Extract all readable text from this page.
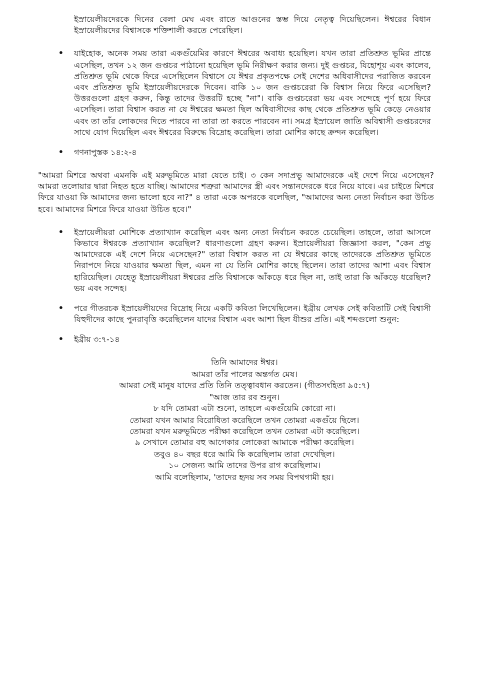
ইস্রায়েলীয়দেরকে দিনের বেলা মেঘ এবং রাতে আগুনের স্তম্ভ দিয়ে নেতৃত্ব দিয়েছিলেন। ঈশ্বরের বিধান ইস্রায়েলীয়দের বিশ্বাসকে শক্তিশালী করতে পেরেছিল।

• যাইহোক, অনেক সময় তারা একগুঁয়েমির কারণে ঈশ্বরের অবাধ্য হয়েছিল। যখন তারা প্রতিশ্রুত ভূমির প্রান্তে এসেছিল, তখন ১২ জন গুপ্তচর পাঠানো হয়েছিল ভূমি নিরীক্ষণ করার জন্য। দুই গুপ্তচর, যিহোশূয় এবং কালেব, প্রতিশ্রুত ভূমি থেকে ফিরে এসেছিলেন বিশ্বাসে যে ঈশ্বর প্রকৃতপক্ষে সেই দেশের অধিবাসীদের পরাজিত করবেন এবং প্রতিশ্রুত ভূমি ইস্রায়েলীয়দেরকে দিবেন। বাকি ১০ জন গুপ্তচরেরা কি বিশ্বাস নিয়ে ফিরে এসেছিল? উত্তরগুলো গ্রহণ করুন, কিন্তু তাদের উত্তরটি হচ্ছে "না"। বাকি গুপ্তচরেরা ভয় এবং সন্দেহে পূর্ণ হয়ে ফিরে এসেছিল। তারা বিশ্বাস করত না যে ঈশ্বরের ক্ষমতা ছিল অধিবাসীদের কাছ থেকে প্রতিশ্রুত ভূমি কেড়ে নেওয়ার এবং তা তাঁর লোকদের দিতে পারবে না তারা তা করতে পারবেন না। সমগ্র ইস্রায়েল জাতি অবিশ্বাসী গুপ্তচরদের সাথে যোগ দিয়েছিল এবং ঈশ্বরের বিরুদ্ধে বিদ্রোহ করেছিল। তারা মোশির কাছে ক্রন্দন করেছিল।

• গণনাপুস্তক ১৪:২-৪

"আমরা মিশরে অথবা এমনকি এই মরুভূমিতে মারা যেতে চাই। ৩ কেন সদাপ্রভু আমাদেরকে এই দেশে নিয়ে এসেছেন? আমরা তলোয়ার দ্বারা নিহত হতে যাচ্ছি। আমাদের শত্রুরা আমাদের স্ত্রী এবং সন্তানদেরকে ধরে নিয়ে যাবে। এর চাইতে মিশরে ফিরে যাওয়া কি আমাদের জন্য ভালো হবে না?" ৪ তারা একে অপরকে বলেছিল, "আমাদের অন্য নেতা নির্বাচন করা উচিত হবে। আমাদের মিশরে ফিরে যাওয়া উচিত হবে।"

• ইস্রায়েলীয়রা মোশিকে প্রত্যাখ্যান করেছিল এবং অন্য নেতা নির্বাচন করতে চেয়েছিল। তাহলে, তারা আসলে কিভাবে ঈশ্বরকে প্রত্যাখ্যান করেছিল? ধারণাগুলো গ্রহণ করুন। ইস্রায়েলীয়রা জিজ্ঞাসা করল, "কেন প্রভু আমাদেরকে এই দেশে নিয়ে এসেছেন?" তারা বিশ্বাস করত না যে ঈশ্বরের কাছে তাদেরকে প্রতিশ্রুত ভূমিতে নিরাপদে নিয়ে যাওয়ার ক্ষমতা ছিল, এমন না যে তিনি মোশির কাছে ছিলেন। তারা তাদের আশা এবং বিশ্বাস হারিয়েছিল। যেহেতু ইস্রায়েলীয়রা ঈশ্বরের প্রতি বিশ্বাসকে আঁকড়ে ধরে ছিল না, তাই তারা কি আঁকড়ে ধরেছিল? ভয় এবং সন্দেহ।

• পরে গীতরচক ইস্রায়েলীয়দের বিদ্রোহ নিয়ে একটি কবিতা লিখেছিলেন। ইব্রীয় লেখক সেই কবিতাটি সেই বিশ্বাসী যিহুদীদের কাছে পুনরাবৃত্তি করেছিলেন যাদের বিশ্বাস এবং আশা ছিল যীশুর প্রতি। এই শব্দগুলো শুনুন:

• ইব্রীয় ৩:৭-১৪
তিনি আমাদের ঈশ্বর।
আমরা তাঁর পালের অন্তর্গত মেষ।
আমরা সেই মানুষ যাদের প্রতি তিনি তত্ত্বাবধান করতেন। (গীতসংহিতা ৯৫:৭)
"আজ তার রব শুনুন।
৮ যদি তোমরা এটা শুনো, তাহলে একগুঁয়েমি কোরো না।
তোমরা যখন আমার বিরোধিতা করেছিলে তখন তোমরা একগুঁয়ে ছিলে।
তোমরা যখন মরুভূমিতে পরীক্ষা করেছিলে তখন তোমরা এটা করেছিলে।
৯ সেখানে তোমার বহু আগেকার লোকেরা আমাকে পরীক্ষা করেছিল।
তবুও ৪০ বছর ধরে আমি কি করেছিলাম তারা দেখেছিল।
১০ সেজন্য আমি তাদের উপর রাগ করেছিলাম।
আমি বলেছিলাম, 'তাদের হৃদয় সব সময় বিপথগামী হয়।
